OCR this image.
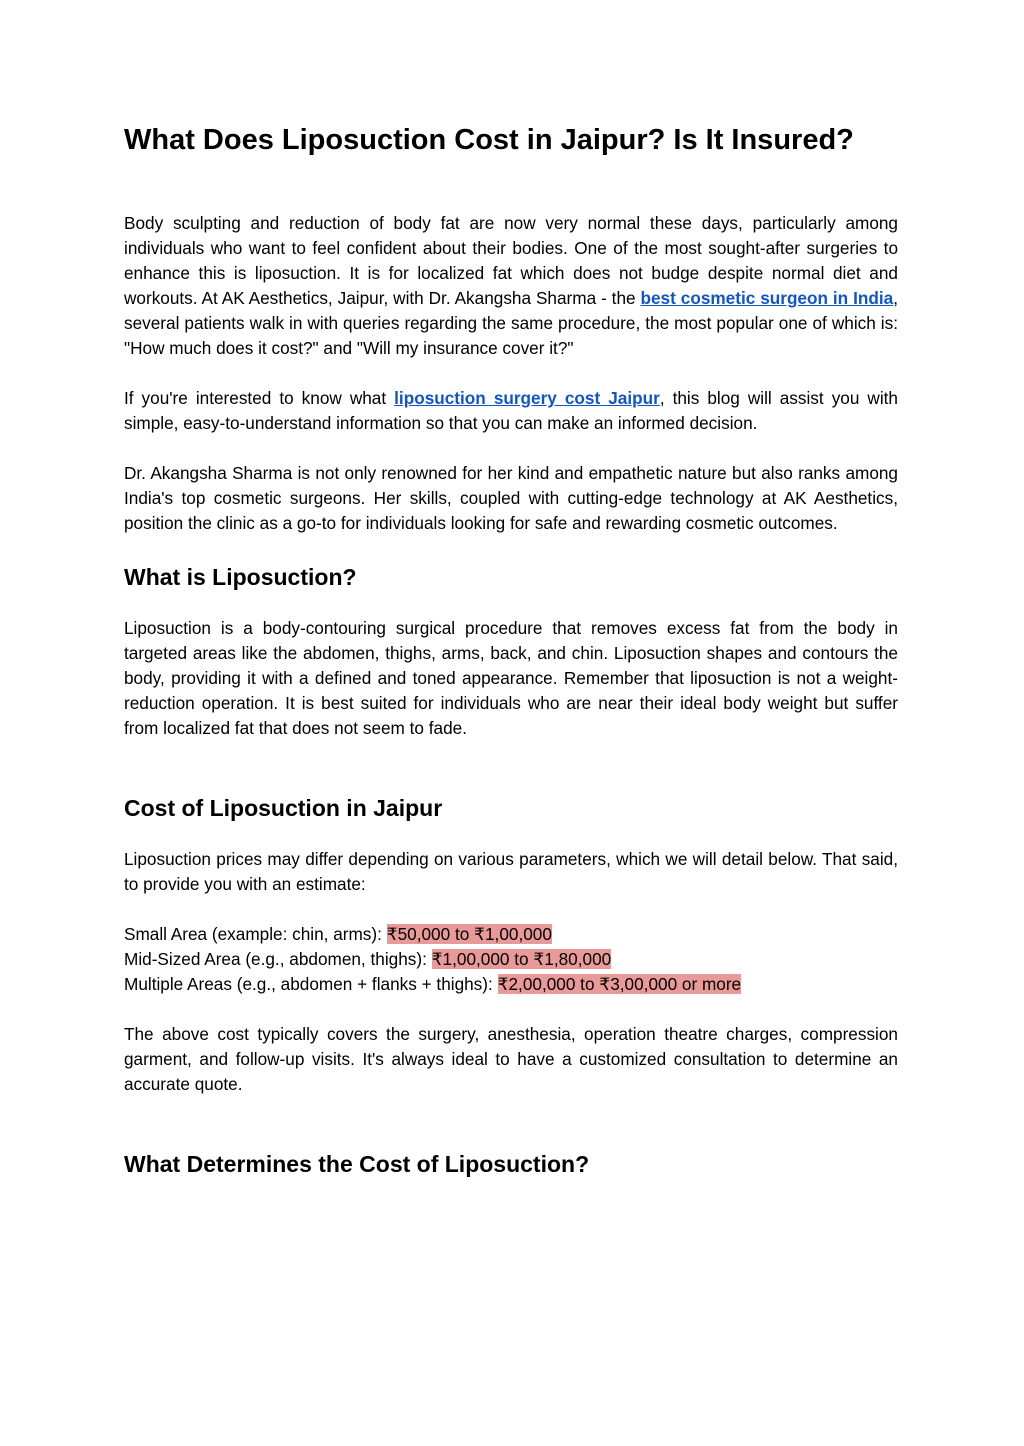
What Does Liposuction Cost in Jaipur? Is It Insured?

Body sculpting and reduction of body fat are now very normal these days, particularly among individuals who want to feel confident about their bodies. One of the most sought-after surgeries to enhance this is liposuction. It is for localized fat which does not budge despite normal diet and workouts. At AK Aesthetics, Jaipur, with Dr. Akangsha Sharma - the best cosmetic surgeon in India, several patients walk in with queries regarding the same procedure, the most popular one of which is: "How much does it cost?" and "Will my insurance cover it?"

If you're interested to know what liposuction surgery cost Jaipur, this blog will assist you with simple, easy-to-understand information so that you can make an informed decision.

Dr. Akangsha Sharma is not only renowned for her kind and empathetic nature but also ranks among India's top cosmetic surgeons. Her skills, coupled with cutting-edge technology at AK Aesthetics, position the clinic as a go-to for individuals looking for safe and rewarding cosmetic outcomes.

What is Liposuction?

Liposuction is a body-contouring surgical procedure that removes excess fat from the body in targeted areas like the abdomen, thighs, arms, back, and chin. Liposuction shapes and contours the body, providing it with a defined and toned appearance. Remember that liposuction is not a weight-reduction operation. It is best suited for individuals who are near their ideal body weight but suffer from localized fat that does not seem to fade.

Cost of Liposuction in Jaipur

Liposuction prices may differ depending on various parameters, which we will detail below. That said, to provide you with an estimate:

Small Area (example: chin, arms): ₹50,000 to ₹1,00,000
Mid-Sized Area (e.g., abdomen, thighs): ₹1,00,000 to ₹1,80,000
Multiple Areas (e.g., abdomen + flanks + thighs): ₹2,00,000 to ₹3,00,000 or more

The above cost typically covers the surgery, anesthesia, operation theatre charges, compression garment, and follow-up visits. It's always ideal to have a customized consultation to determine an accurate quote.

What Determines the Cost of Liposuction?
